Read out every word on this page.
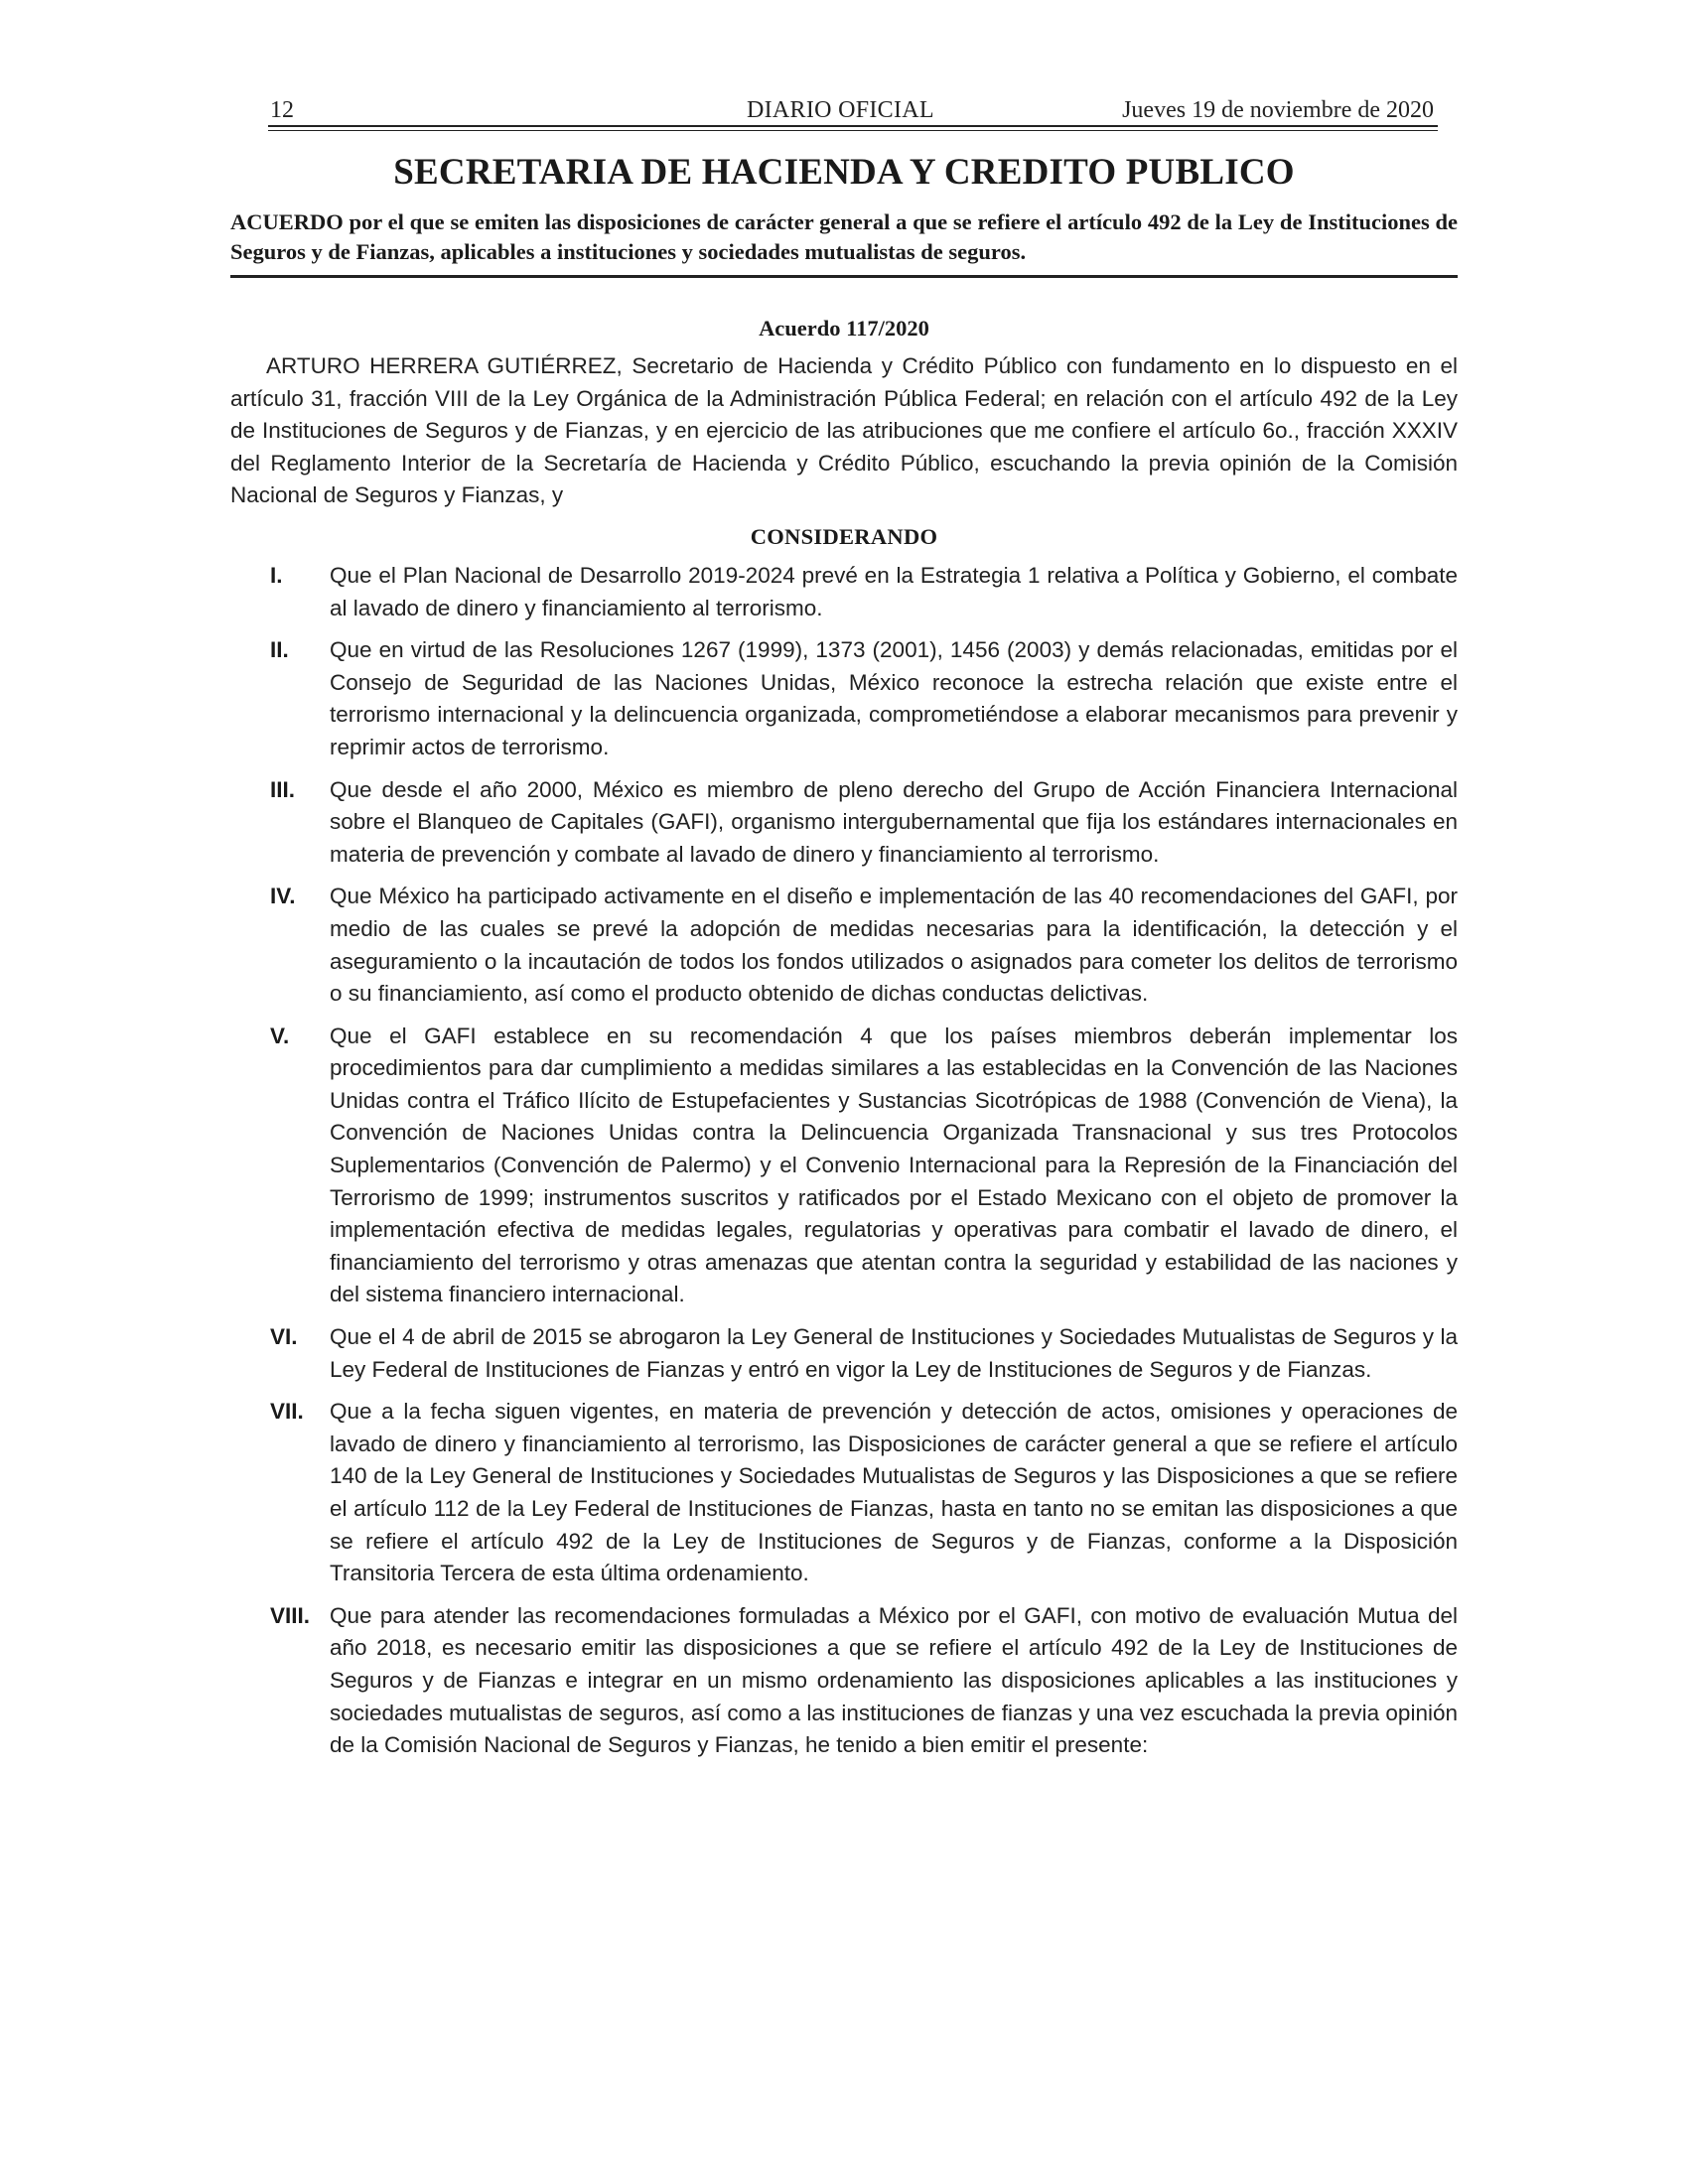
12	DIARIO OFICIAL	Jueves 19 de noviembre de 2020
SECRETARIA DE HACIENDA Y CREDITO PUBLICO
ACUERDO por el que se emiten las disposiciones de carácter general a que se refiere el artículo 492 de la Ley de Instituciones de Seguros y de Fianzas, aplicables a instituciones y sociedades mutualistas de seguros.
Acuerdo 117/2020
ARTURO HERRERA GUTIÉRREZ, Secretario de Hacienda y Crédito Público con fundamento en lo dispuesto en el artículo 31, fracción VIII de la Ley Orgánica de la Administración Pública Federal; en relación con el artículo 492 de la Ley de Instituciones de Seguros y de Fianzas, y en ejercicio de las atribuciones que me confiere el artículo 6o., fracción XXXIV del Reglamento Interior de la Secretaría de Hacienda y Crédito Público, escuchando la previa opinión de la Comisión Nacional de Seguros y Fianzas, y
CONSIDERANDO
I.	Que el Plan Nacional de Desarrollo 2019-2024 prevé en la Estrategia 1 relativa a Política y Gobierno, el combate al lavado de dinero y financiamiento al terrorismo.
II.	Que en virtud de las Resoluciones 1267 (1999), 1373 (2001), 1456 (2003) y demás relacionadas, emitidas por el Consejo de Seguridad de las Naciones Unidas, México reconoce la estrecha relación que existe entre el terrorismo internacional y la delincuencia organizada, comprometiéndose a elaborar mecanismos para prevenir y reprimir actos de terrorismo.
III.	Que desde el año 2000, México es miembro de pleno derecho del Grupo de Acción Financiera Internacional sobre el Blanqueo de Capitales (GAFI), organismo intergubernamental que fija los estándares internacionales en materia de prevención y combate al lavado de dinero y financiamiento al terrorismo.
IV.	Que México ha participado activamente en el diseño e implementación de las 40 recomendaciones del GAFI, por medio de las cuales se prevé la adopción de medidas necesarias para la identificación, la detección y el aseguramiento o la incautación de todos los fondos utilizados o asignados para cometer los delitos de terrorismo o su financiamiento, así como el producto obtenido de dichas conductas delictivas.
V.	Que el GAFI establece en su recomendación 4 que los países miembros deberán implementar los procedimientos para dar cumplimiento a medidas similares a las establecidas en la Convención de las Naciones Unidas contra el Tráfico Ilícito de Estupefacientes y Sustancias Sicotrópicas de 1988 (Convención de Viena), la Convención de Naciones Unidas contra la Delincuencia Organizada Transnacional y sus tres Protocolos Suplementarios (Convención de Palermo) y el Convenio Internacional para la Represión de la Financiación del Terrorismo de 1999; instrumentos suscritos y ratificados por el Estado Mexicano con el objeto de promover la implementación efectiva de medidas legales, regulatorias y operativas para combatir el lavado de dinero, el financiamiento del terrorismo y otras amenazas que atentan contra la seguridad y estabilidad de las naciones y del sistema financiero internacional.
VI.	Que el 4 de abril de 2015 se abrogaron la Ley General de Instituciones y Sociedades Mutualistas de Seguros y la Ley Federal de Instituciones de Fianzas y entró en vigor la Ley de Instituciones de Seguros y de Fianzas.
VII.	Que a la fecha siguen vigentes, en materia de prevención y detección de actos, omisiones y operaciones de lavado de dinero y financiamiento al terrorismo, las Disposiciones de carácter general a que se refiere el artículo 140 de la Ley General de Instituciones y Sociedades Mutualistas de Seguros y las Disposiciones a que se refiere el artículo 112 de la Ley Federal de Instituciones de Fianzas, hasta en tanto no se emitan las disposiciones a que se refiere el artículo 492 de la Ley de Instituciones de Seguros y de Fianzas, conforme a la Disposición Transitoria Tercera de esta última ordenamiento.
VIII. Que para atender las recomendaciones formuladas a México por el GAFI, con motivo de evaluación Mutua del año 2018, es necesario emitir las disposiciones a que se refiere el artículo 492 de la Ley de Instituciones de Seguros y de Fianzas e integrar en un mismo ordenamiento las disposiciones aplicables a las instituciones y sociedades mutualistas de seguros, así como a las instituciones de fianzas y una vez escuchada la previa opinión de la Comisión Nacional de Seguros y Fianzas, he tenido a bien emitir el presente:
